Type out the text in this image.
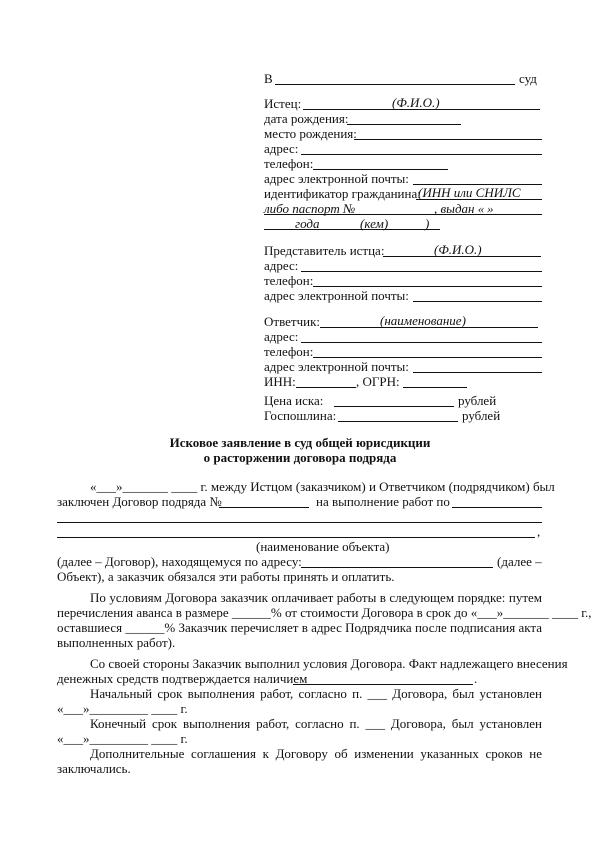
В	суд
Истец:	(Ф.И.О.)
дата рождения:
место рождения:
адрес:
телефон:
адрес электронной почты:
идентификатор гражданина:
(ИНН или СНИЛС
либо паспорт №	, выдан « »
года	(кем)	)
Представитель истца:	(Ф.И.О.)
адрес:
телефон:
адрес электронной почты:
Ответчик:	(наименование)
адрес:
телефон:
адрес электронной почты:
ИНН:	, ОГРН:
Цена иска:	рублей
Госпошлина:	рублей
Исковое заявление в суд общей юрисдикции
о расторжении договора подряда
«___»_______ ____ г. между Истцом (заказчиком) и Ответчиком (подрядчиком) был
заключен Договор подряда №	на выполнение работ по
,
(наименование объекта)
(далее – Договор), находящемуся по адресу:	(далее –
Объект), а заказчик обязался эти работы принять и оплатить.
По условиям Договора заказчик оплачивает работы в следующем порядке: путем
перечисления аванса в размере ______% от стоимости Договора в срок до «___»_______ ____ г.,
оставшиеся ______% Заказчик перечисляет в адрес Подрядчика после подписания акта
выполненных работ).
Со своей стороны Заказчик выполнил условия Договора. Факт надлежащего внесения
денежных средств подтверждается наличием	.
Начальный срок выполнения работ, согласно п. ___ Договора, был установлен
«___»_________ ____ г.
Конечный срок выполнения работ, согласно п. ___ Договора, был установлен
«___»_________ ____ г.
Дополнительные соглашения к Договору об изменении указанных сроков не
заключались.
